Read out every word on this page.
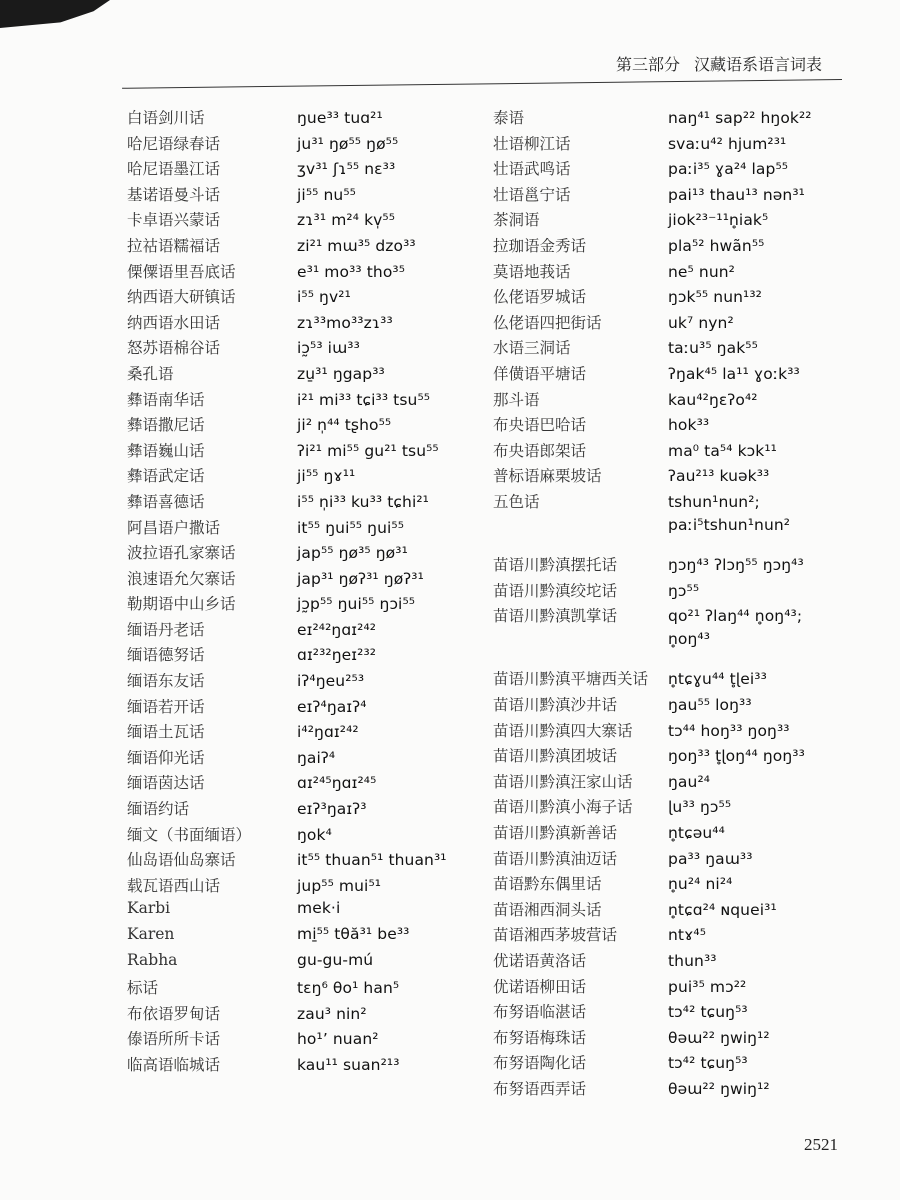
第三部分 汉藏语系语言词表
白语剑川话	ŋue³³ tuɑ²¹
哈尼语绿春话	ju³¹ ŋø⁵⁵ ŋø⁵⁵
哈尼语墨江话	ʒv³¹ ʃɿ⁵⁵ nɛ³³
基诺语曼斗话	ji⁵⁵ nu⁵⁵
卡卓语兴蒙话	zɿ³¹ m²⁴ kv̩⁵⁵
拉祜语糯福话	zi²¹ mɯ³⁵ dzo³³
傈僳语里吾底话	e³¹ mo³³ tho³⁵
纳西语大研镇话	i⁵⁵ ŋv²¹
纳西语水田话	zɿ³³mo³³zɿ³³
怒苏语棉谷话	iɔ̰⁵³ iɯ³³
桑孔语	zu̱³¹ ŋgap³³
彝语南华话	i²¹ mi³³ tɕi³³ tsu⁵⁵
彝语撒尼话	ji² n̩⁴⁴ tʂho⁵⁵
彝语巍山话	ʔi²¹ mi⁵⁵ gu²¹ tsu⁵⁵
彝语武定话	ji⁵⁵ ŋɤ¹¹
彝语喜德话	i⁵⁵ n̩i³³ ku³³ tɕhi²¹
阿昌语户撒话	it⁵⁵ ŋui⁵⁵ ŋui⁵⁵
波拉语孔家寨话	jap⁵⁵ ŋø³⁵ ŋø³¹
浪速语允欠寨话	jap³¹ ŋøʔ³¹ ŋøʔ³¹
勒期语中山乡话	jɔ̰p⁵⁵ ŋui⁵⁵ ŋɔi⁵⁵
缅语丹老话	eɪ²⁴²ŋɑɪ²⁴²
缅语德努话	ɑɪ²³²ŋeɪ²³²
缅语东友话	iʔ⁴ŋeu²⁵³
缅语若开话	eɪʔ⁴ŋaɪʔ⁴
缅语土瓦话	i⁴²ŋɑɪ²⁴²
缅语仰光话	ŋaiʔ⁴
缅语茵达话	ɑɪ²⁴⁵ŋɑɪ²⁴⁵
缅语约话	eɪʔ³ŋaɪʔ³
缅文（书面缅语）	ŋok⁴
仙岛语仙岛寨话	it⁵⁵ thuan⁵¹ thuan³¹
载瓦语西山话	jup⁵⁵ mui⁵¹
Karbi	mek·i
Karen	mi̱⁵⁵ tθă³¹ be³³
Rabha	gu-gu-mú
标话	tɛŋ⁶ θo¹ han⁵
布依语罗甸话	zau³ nin²
傣语所所卡话	ho¹ʼ nuan²
临高语临城话	kau¹¹ suan²¹³
泰语	naŋ⁴¹ sap²² hŋok²²
壮语柳江话	svaːu⁴² hjum²³¹
壮语武鸣话	paːi³⁵ ɣa²⁴ lap⁵⁵
壮语邕宁话	pai¹³ thau¹³ nən³¹
茶洞语	jiok²³⁻¹¹n̥iak⁵
拉珈语金秀话	pla⁵² hwãn⁵⁵
莫语地莪话	ne⁵ nun²
仫佬语罗城话	ŋɔk⁵⁵ nun¹³²
仫佬语四把街话	uk⁷ nyn²
水语三洞话	taːu³⁵ ŋak⁵⁵
佯僙语平塘话	ʔŋak⁴⁵ la¹¹ ɣoːk³³
那斗语	kau⁴²ŋɛʔo⁴²
布央语巴哈话	hok³³
布央语郎架话	ma⁰ ta⁵⁴ kɔk¹¹
普标语麻栗坡话	ʔau²¹³ kuək³³
五色话	tshun¹nun²;
paːi⁵tshun¹nun²
苗语川黔滇摆托话	ŋɔŋ⁴³ ʔlɔŋ⁵⁵ ŋɔŋ⁴³
苗语川黔滇绞坨话	ŋɔ⁵⁵
苗语川黔滇凯掌话	qo²¹ ʔlaŋ⁴⁴ n̥oŋ⁴³;
n̥oŋ⁴³
苗语川黔滇平塘西关话	n̥tɕɣu⁴⁴ t̥ɭei³³
苗语川黔滇沙井话	ŋau⁵⁵ loŋ³³
苗语川黔滇四大寨话	tɔ⁴⁴ hoŋ³³ ŋoŋ³³
苗语川黔滇团坡话	ŋoŋ³³ t̥ɭoŋ⁴⁴ ŋoŋ³³
苗语川黔滇汪家山话	ŋau²⁴
苗语川黔滇小海子话	ɭu³³ ŋɔ⁵⁵
苗语川黔滇新善话	n̥tɕəu⁴⁴
苗语川黔滇油迈话	pa³³ ŋaɯ³³
苗语黔东偶里话	n̥u²⁴ ni²⁴
苗语湘西洞头话	n̥tɕɑ²⁴ ɴquei³¹
苗语湘西茅坡营话	ntɤ⁴⁵
优诺语黄洛话	thun³³
优诺语柳田话	pui³⁵ mɔ²²
布努语临湛话	tɔ⁴² tɕuŋ⁵³
布努语梅珠话	θəɯ²² ŋwiŋ¹²
布努语陶化话	tɔ⁴² tɕuŋ⁵³
布努语西弄话	θəɯ²² ŋwiŋ¹²
2521
